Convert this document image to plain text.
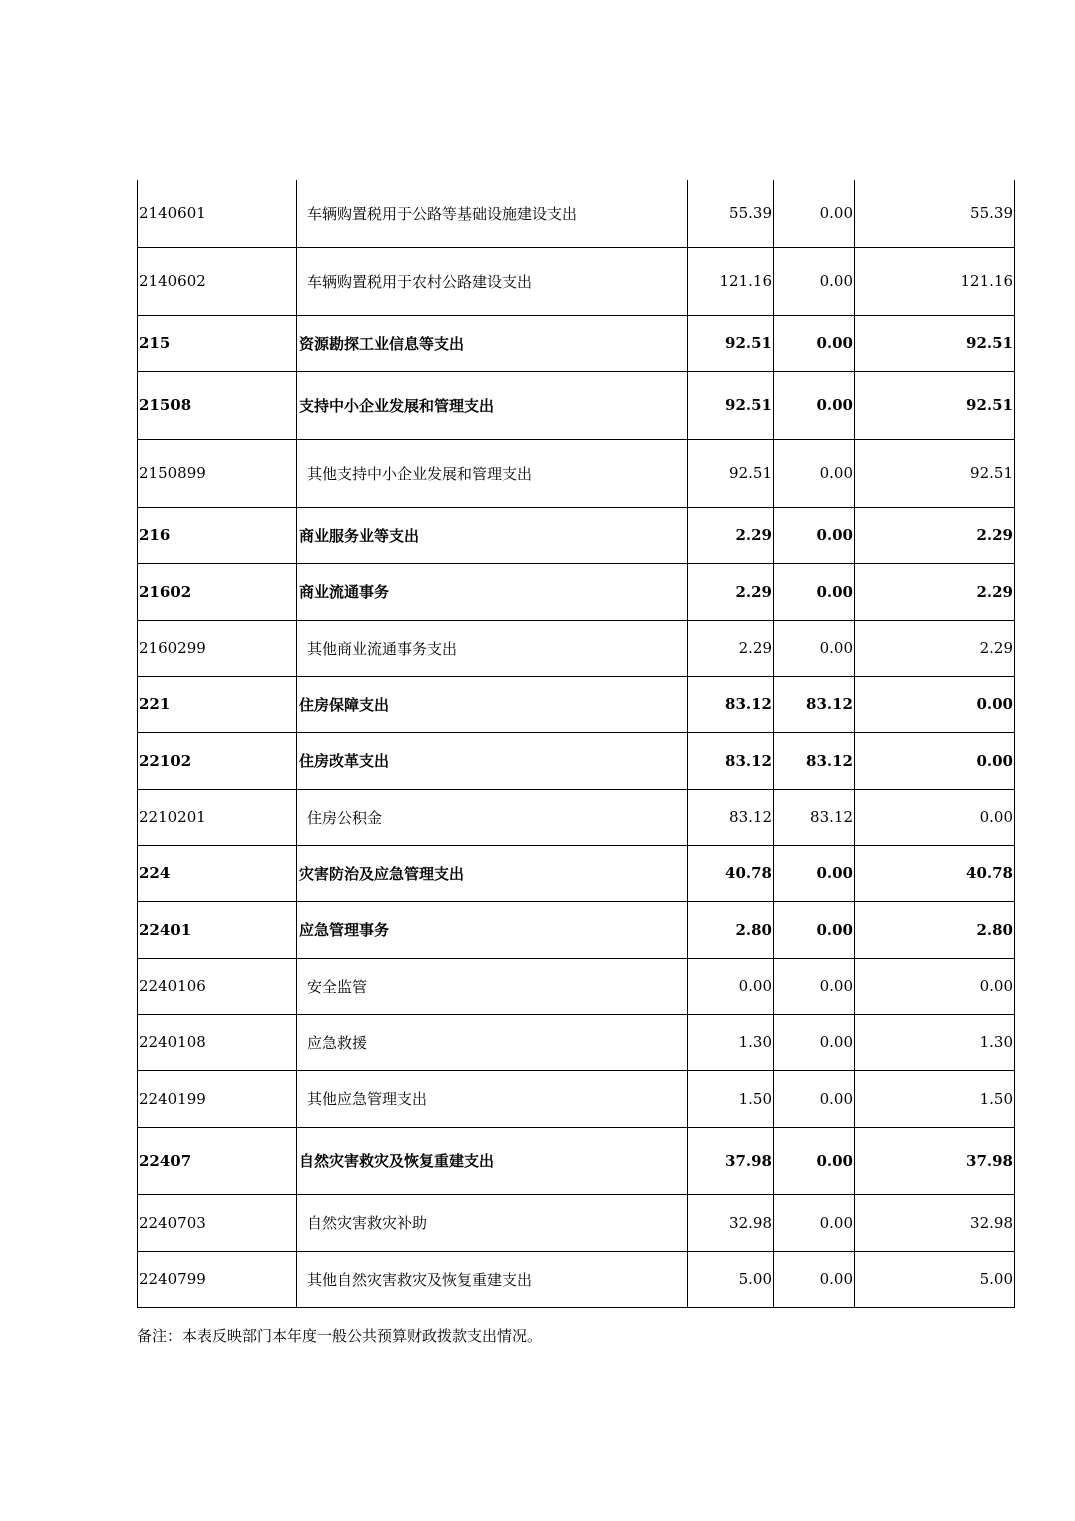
2140601	车辆购置税用于公路等基础设施建设支出	55.39	0.00	55.39
2140602	车辆购置税用于农村公路建设支出	121.16	0.00	121.16
215	资源勘探工业信息等支出	92.51	0.00	92.51
21508	支持中小企业发展和管理支出	92.51	0.00	92.51
2150899	其他支持中小企业发展和管理支出	92.51	0.00	92.51
216	商业服务业等支出	2.29	0.00	2.29
21602	商业流通事务	2.29	0.00	2.29
2160299	其他商业流通事务支出	2.29	0.00	2.29
221	住房保障支出	83.12	83.12	0.00
22102	住房改革支出	83.12	83.12	0.00
2210201	住房公积金	83.12	83.12	0.00
224	灾害防治及应急管理支出	40.78	0.00	40.78
22401	应急管理事务	2.80	0.00	2.80
2240106	安全监管	0.00	0.00	0.00
2240108	应急救援	1.30	0.00	1.30
2240199	其他应急管理支出	1.50	0.00	1.50
22407	自然灾害救灾及恢复重建支出	37.98	0.00	37.98
2240703	自然灾害救灾补助	32.98	0.00	32.98
2240799	其他自然灾害救灾及恢复重建支出	5.00	0.00	5.00
备注：本表反映部门本年度一般公共预算财政拨款支出情况。
